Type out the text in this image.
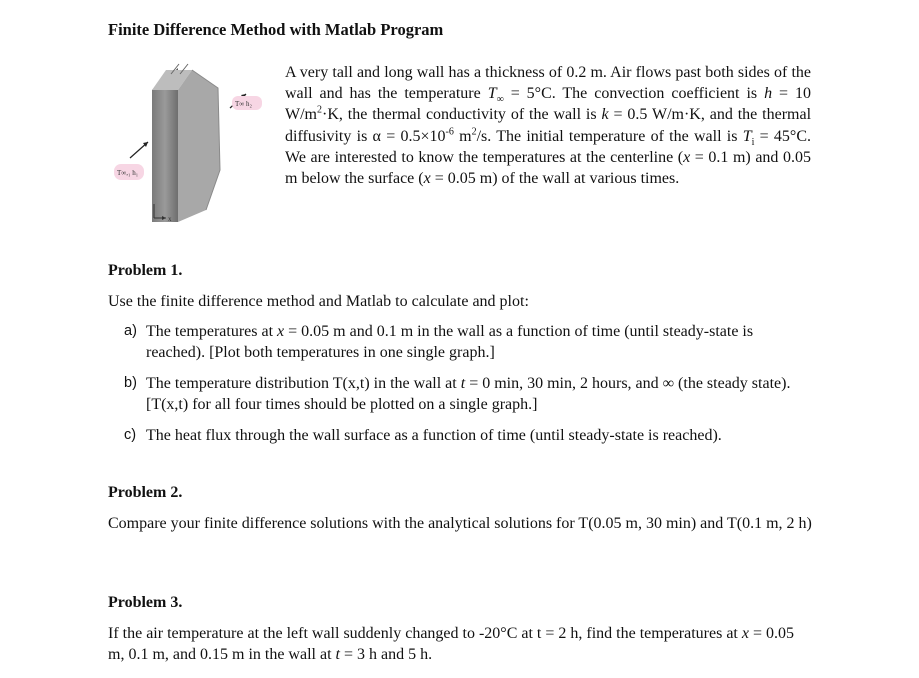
Finite Difference Method with Matlab Program
T∞ h₂
T∞,₁ h₁
x
A very tall and long wall has a thickness of 0.2 m. Air flows past both sides of the wall and has the temperature $T_\infty = 5^\circ C$. The convection coefficient is h = 10 $W/m^2\cdot K$, the thermal conductivity of the wall is k = 0.5 W/m·K, and the thermal diffusivity is $\alpha = 0.5\times 10^{-6}$ $m^2/s$. The initial temperature of the wall is $T_i = 45^\circ C$. We are interested to know the temperatures at the centerline (x = 0.1 m) and 0.05 m below the surface (x = 0.05 m) of the wall at various times.
Problem 1.
Use the finite difference method and Matlab to calculate and plot:
a) The temperatures at x = 0.05 m and 0.1 m in the wall as a function of time (until steady-state is reached). [Plot both temperatures in one single graph.]
b) The temperature distribution T(x,t) in the wall at t = 0 min, 30 min, 2 hours, and ∞ (the steady state). [T(x,t) for all four times should be plotted on a single graph.]
c) The heat flux through the wall surface as a function of time (until steady-state is reached).
Problem 2.
Compare your finite difference solutions with the analytical solutions for T(0.05 m, 30 min) and T(0.1 m, 2 h)
Problem 3.
If the air temperature at the left wall suddenly changed to -20°C at t = 2 h, find the temperatures at x = 0.05 m, 0.1 m, and 0.15 m in the wall at t = 3 h and 5 h.
